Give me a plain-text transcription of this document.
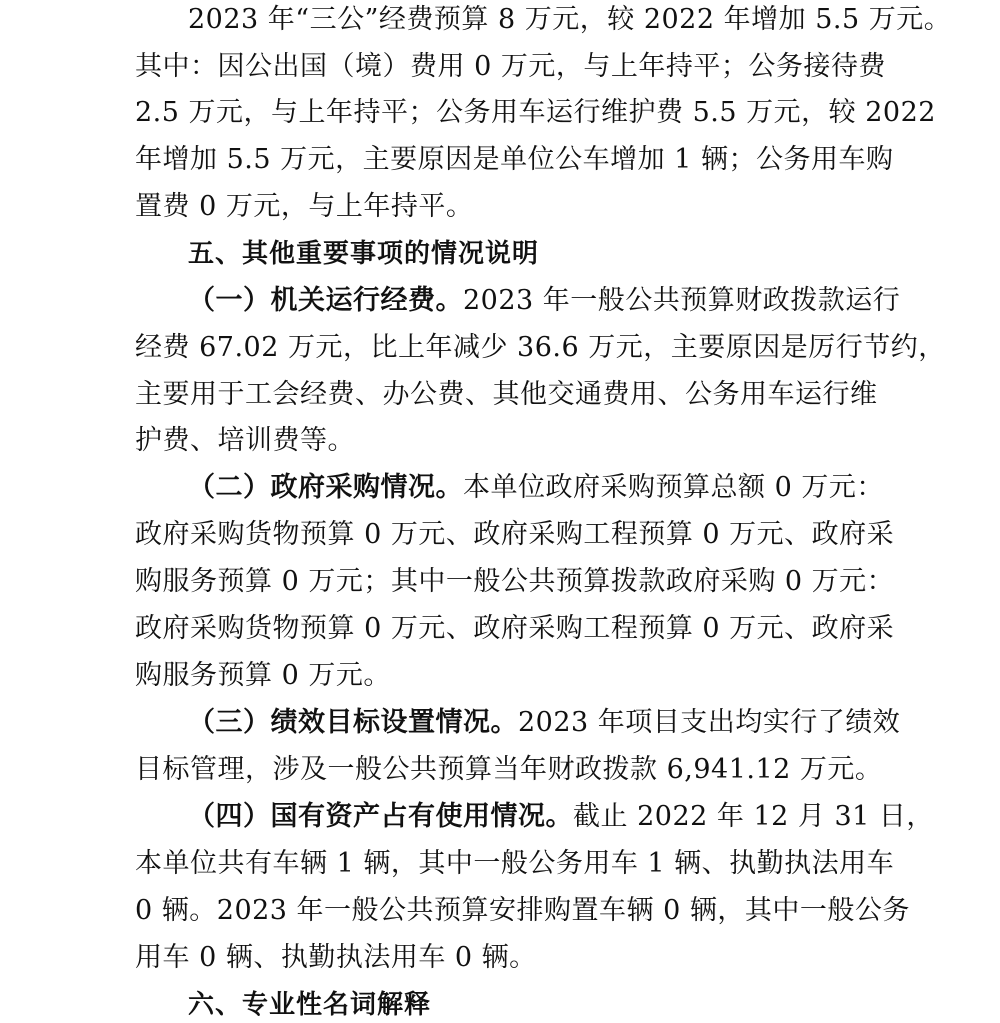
2023 年“三公”经费预算 8 万元，较 2022 年增加 5.5 万元。
其中：因公出国（境）费用 0 万元，与上年持平；公务接待费
2.5 万元，与上年持平；公务用车运行维护费 5.5 万元，较 2022
年增加 5.5 万元，主要原因是单位公车增加 1 辆；公务用车购
置费 0 万元，与上年持平。
五、其他重要事项的情况说明
（一）机关运行经费。2023 年一般公共预算财政拨款运行
经费 67.02 万元，比上年减少 36.6 万元，主要原因是厉行节约，
主要用于工会经费、办公费、其他交通费用、公务用车运行维
护费、培训费等。
（二）政府采购情况。本单位政府采购预算总额 0 万元：
政府采购货物预算 0 万元、政府采购工程预算 0 万元、政府采
购服务预算 0 万元；其中一般公共预算拨款政府采购 0 万元：
政府采购货物预算 0 万元、政府采购工程预算 0 万元、政府采
购服务预算 0 万元。
（三）绩效目标设置情况。2023 年项目支出均实行了绩效
目标管理，涉及一般公共预算当年财政拨款 6,941.12 万元。
（四）国有资产占有使用情况。截止 2022 年 12 月 31 日，
本单位共有车辆 1 辆，其中一般公务用车 1 辆、执勤执法用车
0 辆。2023 年一般公共预算安排购置车辆 0 辆，其中一般公务
用车 0 辆、执勤执法用车 0 辆。
六、专业性名词解释
